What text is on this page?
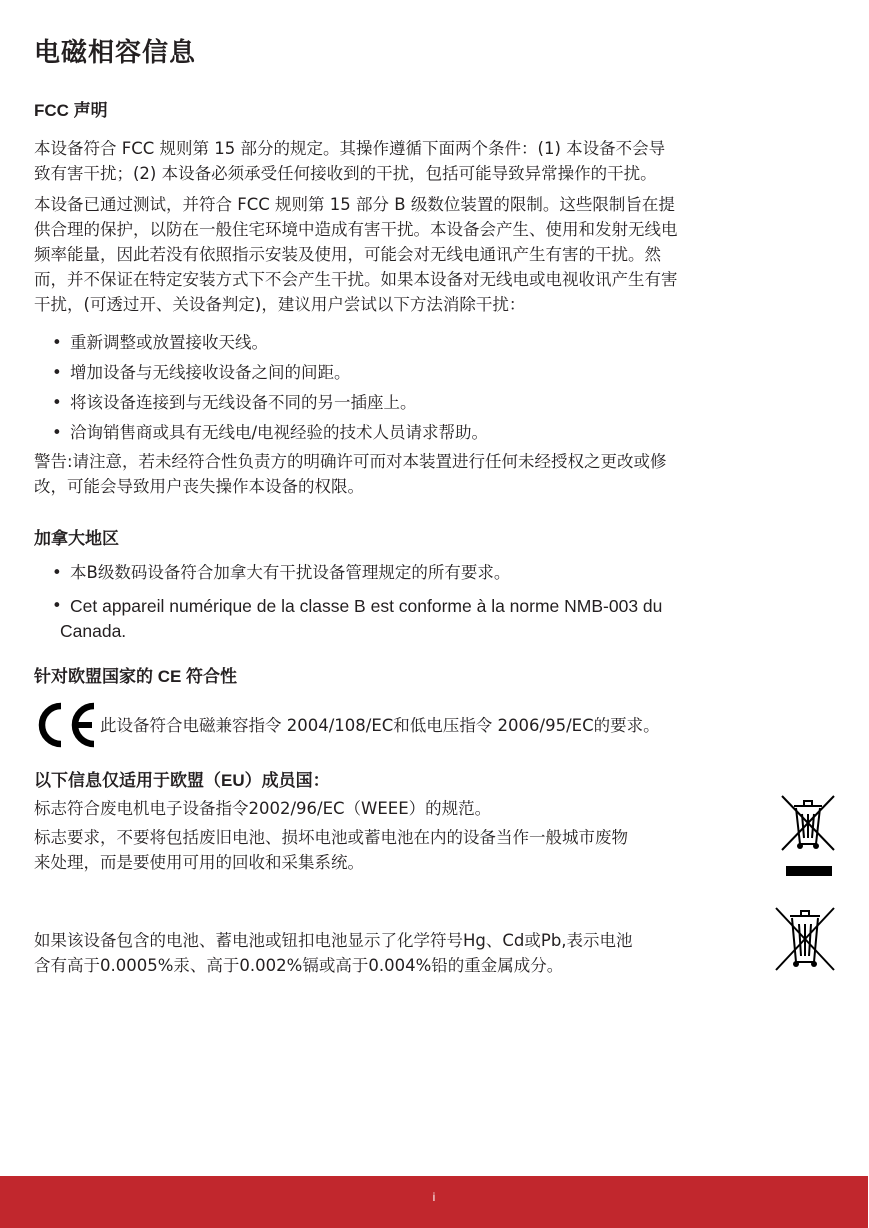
电磁相容信息
FCC 声明
本设备符合 FCC 规则第 15 部分的规定。其操作遵循下面两个条件：(1) 本设备不会导
致有害干扰；(2) 本设备必须承受任何接收到的干扰，包括可能导致异常操作的干扰。
本设备已通过测试，并符合 FCC 规则第 15 部分 B 级数位装置的限制。这些限制旨在提
供合理的保护，以防在一般住宅环境中造成有害干扰。本设备会产生、使用和发射无线电
频率能量，因此若没有依照指示安装及使用，可能会对无线电通讯产生有害的干扰。然
而，并不保证在特定安装方式下不会产生干扰。如果本设备对无线电或电视收讯产生有害
干扰，(可透过开、关设备判定)，建议用户尝试以下方法消除干扰：
• 重新调整或放置接收天线。
• 增加设备与无线接收设备之间的间距。
• 将该设备连接到与无线设备不同的另一插座上。
• 洽询销售商或具有无线电/电视经验的技术人员请求帮助。
警告:请注意，若未经符合性负责方的明确许可而对本装置进行任何未经授权之更改或修
改，可能会导致用户丧失操作本设备的权限。
加拿大地区
• 本B级数码设备符合加拿大有干扰设备管理规定的所有要求。
• Cet appareil numérique de la classe B est conforme à la norme NMB-003 du
Canada.
针对欧盟国家的 CE 符合性
此设备符合电磁兼容指令 2004/108/EC和低电压指令 2006/95/EC的要求。
以下信息仅适用于欧盟（EU）成员国：
标志符合废电机电子设备指令2002/96/EC（WEEE）的规范。
标志要求，不要将包括废旧电池、损坏电池或蓄电池在内的设备当作一般城市废物
来处理，而是要使用可用的回收和采集系统。
如果该设备包含的电池、蓄电池或钮扣电池显示了化学符号Hg、Cd或Pb,表示电池
含有高于0.0005%汞、高于0.002%镉或高于0.004%铅的重金属成分。
i
